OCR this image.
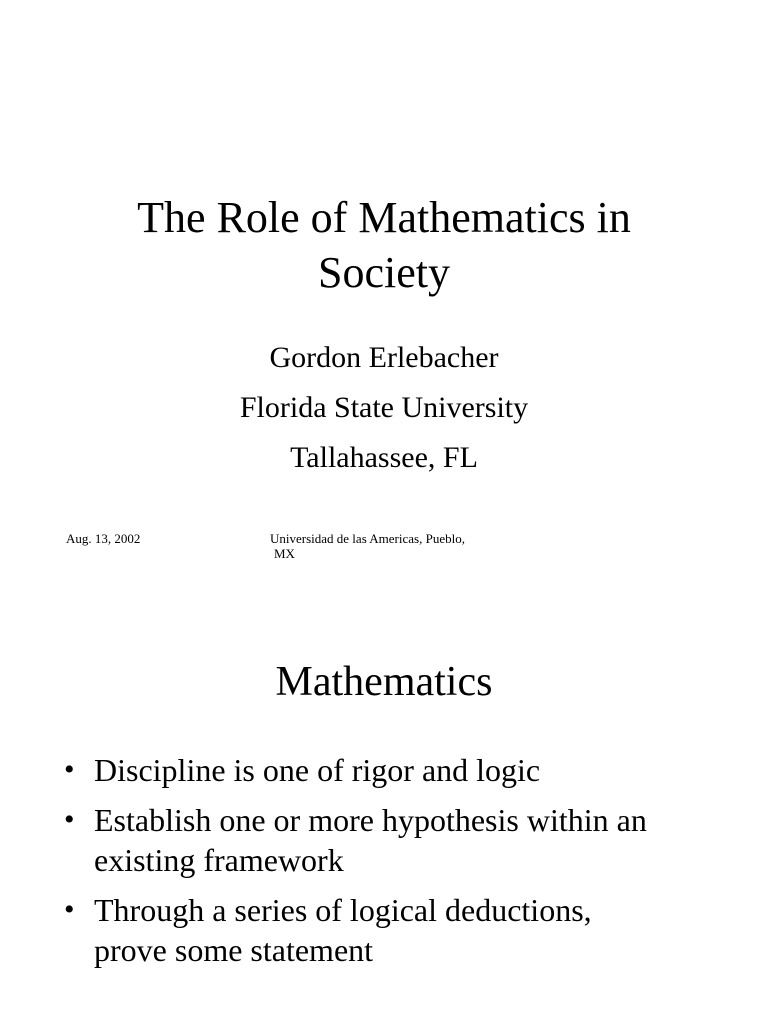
The Role of Mathematics in
Society
Gordon Erlebacher
Florida State University
Tallahassee, FL
Aug. 13, 2002	Universidad de las Americas, Pueblo,
MX
Mathematics
• Discipline is one of rigor and logic
• Establish one or more hypothesis within an
existing framework
• Through a series of logical deductions,
prove some statement
